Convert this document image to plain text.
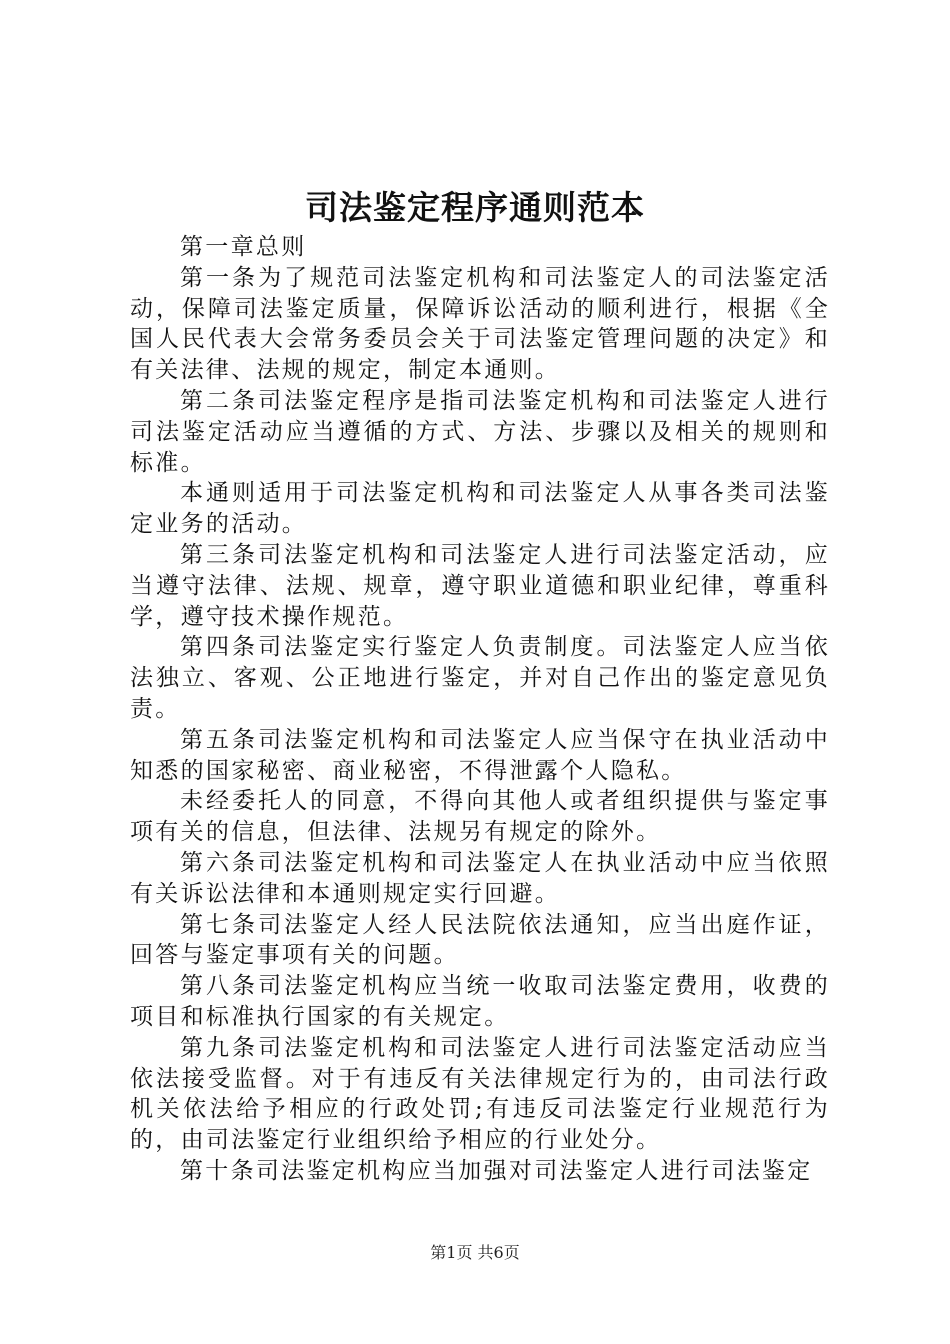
司法鉴定程序通则范本

第一章总则

第一条为了规范司法鉴定机构和司法鉴定人的司法鉴定活动，保障司法鉴定质量，保障诉讼活动的顺利进行，根据《全国人民代表大会常务委员会关于司法鉴定管理问题的决定》和有关法律、法规的规定，制定本通则。

第二条司法鉴定程序是指司法鉴定机构和司法鉴定人进行司法鉴定活动应当遵循的方式、方法、步骤以及相关的规则和标准。

本通则适用于司法鉴定机构和司法鉴定人从事各类司法鉴定业务的活动。

第三条司法鉴定机构和司法鉴定人进行司法鉴定活动，应当遵守法律、法规、规章，遵守职业道德和职业纪律，尊重科学，遵守技术操作规范。

第四条司法鉴定实行鉴定人负责制度。司法鉴定人应当依法独立、客观、公正地进行鉴定，并对自己作出的鉴定意见负责。

第五条司法鉴定机构和司法鉴定人应当保守在执业活动中知悉的国家秘密、商业秘密，不得泄露个人隐私。

未经委托人的同意，不得向其他人或者组织提供与鉴定事项有关的信息，但法律、法规另有规定的除外。

第六条司法鉴定机构和司法鉴定人在执业活动中应当依照有关诉讼法律和本通则规定实行回避。

第七条司法鉴定人经人民法院依法通知，应当出庭作证，回答与鉴定事项有关的问题。

第八条司法鉴定机构应当统一收取司法鉴定费用，收费的项目和标准执行国家的有关规定。

第九条司法鉴定机构和司法鉴定人进行司法鉴定活动应当依法接受监督。对于有违反有关法律规定行为的，由司法行政机关依法给予相应的行政处罚;有违反司法鉴定行业规范行为的，由司法鉴定行业组织给予相应的行业处分。

第十条司法鉴定机构应当加强对司法鉴定人进行司法鉴定

第1页 共6页
